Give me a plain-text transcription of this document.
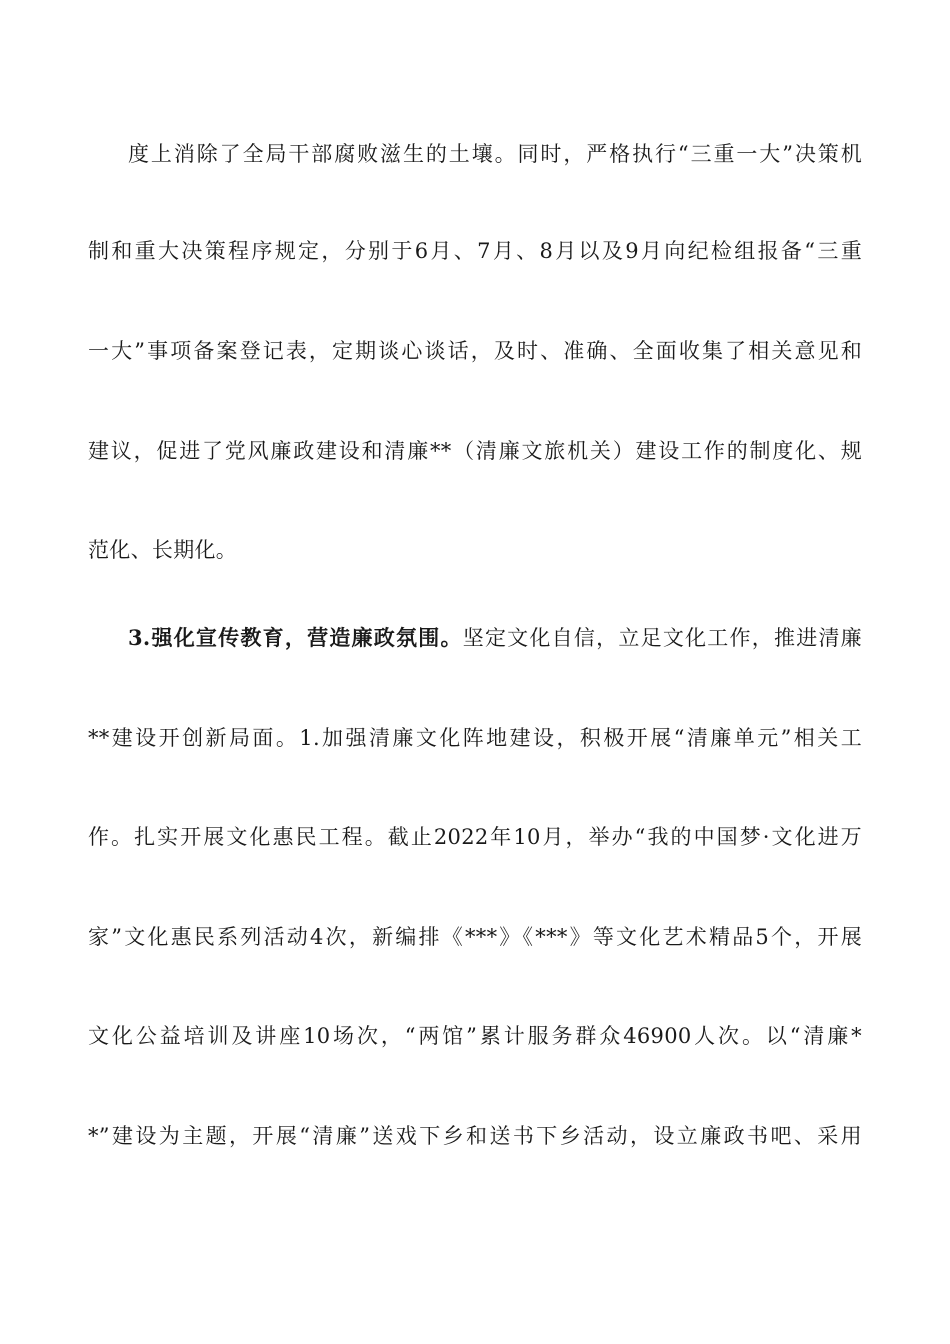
度上消除了全局干部腐败滋生的土壤。同时，严格执行“三重一大”决策机
制和重大决策程序规定，分别于6月、7月、8月以及9月向纪检组报备“三重
一大”事项备案登记表，定期谈心谈话，及时、准确、全面收集了相关意见和
建议，促进了党风廉政建设和清廉**（清廉文旅机关）建设工作的制度化、规
范化、长期化。
3.强化宣传教育，营造廉政氛围。坚定文化自信，立足文化工作，推进清廉
**建设开创新局面。1.加强清廉文化阵地建设，积极开展“清廉单元”相关工
作。扎实开展文化惠民工程。截止2022年10月，举办“我的中国梦·文化进万
家”文化惠民系列活动4次，新编排《***》《***》等文化艺术精品5个，开展
文化公益培训及讲座10场次，“两馆”累计服务群众46900人次。以“清廉*
*”建设为主题，开展“清廉”送戏下乡和送书下乡活动，设立廉政书吧、采用
